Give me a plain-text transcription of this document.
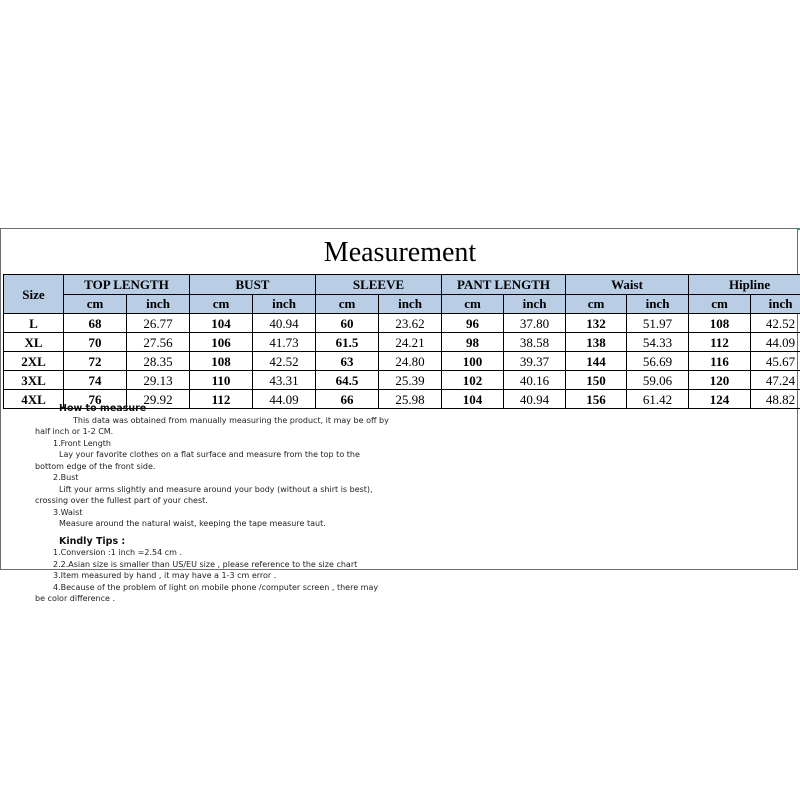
Measurement
Size	TOP LENGTH		BUST		SLEEVE		PANT LENGTH		Waist		Hipline	
	cm	inch	cm	inch	cm	inch	cm	inch	cm	inch	cm	inch
L	68	26.77	104	40.94	60	23.62	96	37.80	132	51.97	108	42.52
XL	70	27.56	106	41.73	61.5	24.21	98	38.58	138	54.33	112	44.09
2XL	72	28.35	108	42.52	63	24.80	100	39.37	144	56.69	116	45.67
3XL	74	29.13	110	43.31	64.5	25.39	102	40.16	150	59.06	120	47.24
4XL	76	29.92	112	44.09	66	25.98	104	40.94	156	61.42	124	48.82
How to measure
This data was obtained from manually measuring the product, it may be off by
half inch or 1-2 CM.
1.Front Length
Lay your favorite clothes on a flat surface and measure from the top to the
bottom edge of the front side.
2.Bust
Lift your arms slightly and measure around your body (without a shirt is best),
crossing over the fullest part of your chest.
3.Waist
Measure around the natural waist, keeping the tape measure taut.
Kindly Tips :
1.Conversion :1 inch =2.54 cm .
2.2.Asian size is smaller than US/EU size , please reference to the size chart
3.Item measured by hand , it may have a 1-3 cm error .
4.Because of the problem of light on mobile phone /computer screen , there may
be color difference .
